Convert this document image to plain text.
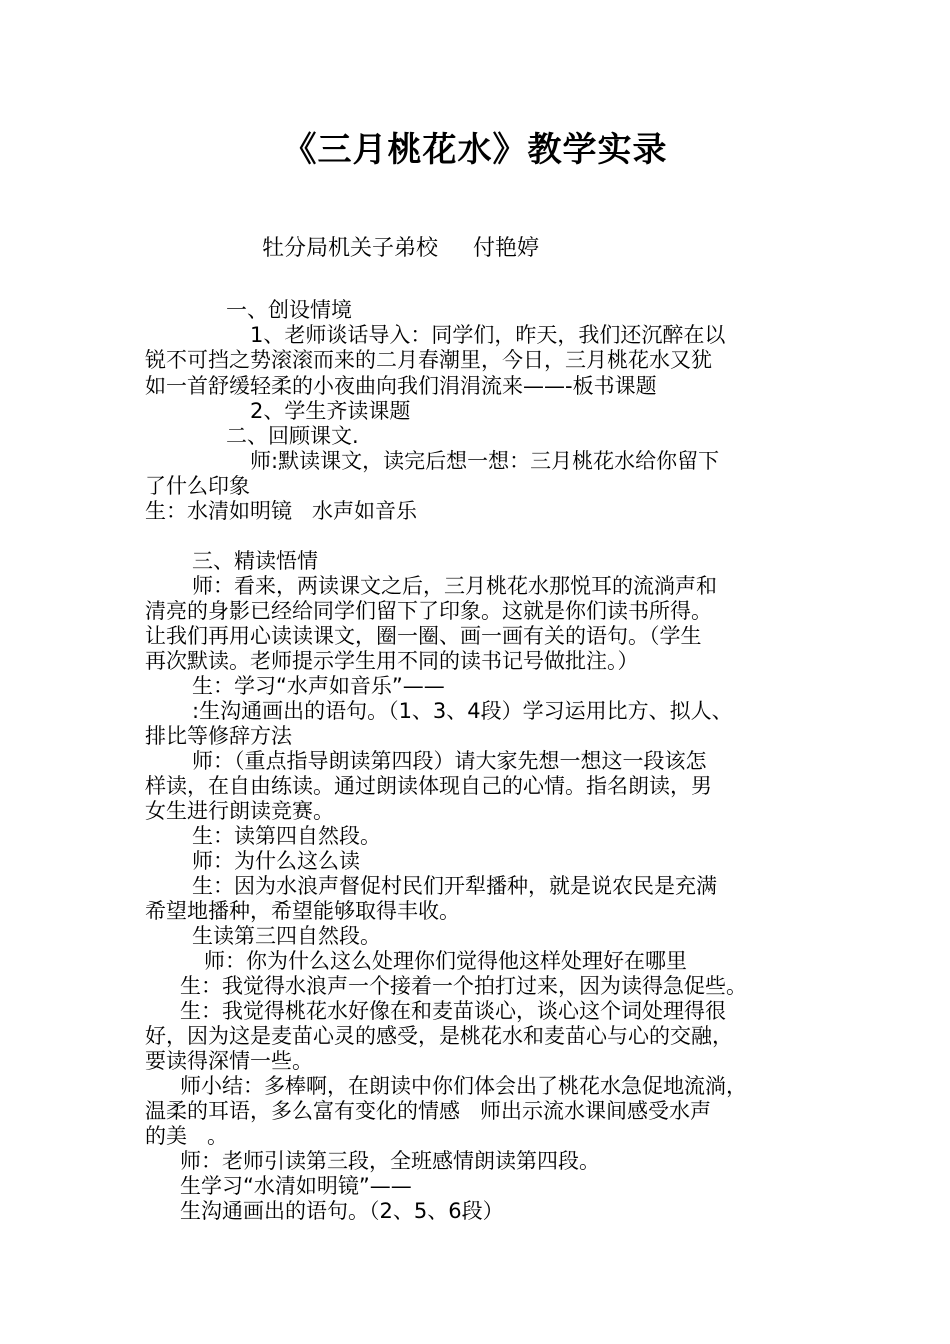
《三月桃花水》教学实录
牡分局机关子弟校     付艳婷
一、创设情境
1、老师谈话导入：同学们，昨天，我们还沉醉在以
锐不可挡之势滚滚而来的二月春潮里，今日，三月桃花水又犹
如一首舒缓轻柔的小夜曲向我们涓涓流来——-板书课题
2、学生齐读课题
二、回顾课文.
师:默读课文，读完后想一想：三月桃花水给你留下
了什么印象
生：水清如明镜   水声如音乐
三、精读悟情
师：看来，两读课文之后，三月桃花水那悦耳的流淌声和
清亮的身影已经给同学们留下了印象。这就是你们读书所得。
让我们再用心读读课文，圈一圈、画一画有关的语句。（学生
再次默读。老师提示学生用不同的读书记号做批注。）
生：学习“水声如音乐”——
:生沟通画出的语句。（1、3、4段）学习运用比方、拟人、
排比等修辞方法
师：（重点指导朗读第四段）请大家先想一想这一段该怎
样读，在自由练读。通过朗读体现自己的心情。指名朗读，男
女生进行朗读竞赛。
生：读第四自然段。
师：为什么这么读
生：因为水浪声督促村民们开犁播种，就是说农民是充满
希望地播种，希望能够取得丰收。
生读第三四自然段。
师：你为什么这么处理你们觉得他这样处理好在哪里
生：我觉得水浪声一个接着一个拍打过来，因为读得急促些。
生：我觉得桃花水好像在和麦苗谈心，谈心这个词处理得很
好，因为这是麦苗心灵的感受，是桃花水和麦苗心与心的交融，
要读得深情一些。
师小结：多棒啊，在朗读中你们体会出了桃花水急促地流淌，
温柔的耳语，多么富有变化的情感   师出示流水课间感受水声
的美   。
师：老师引读第三段，全班感情朗读第四段。
生学习“水清如明镜”——
生沟通画出的语句。（2、5、6段）
